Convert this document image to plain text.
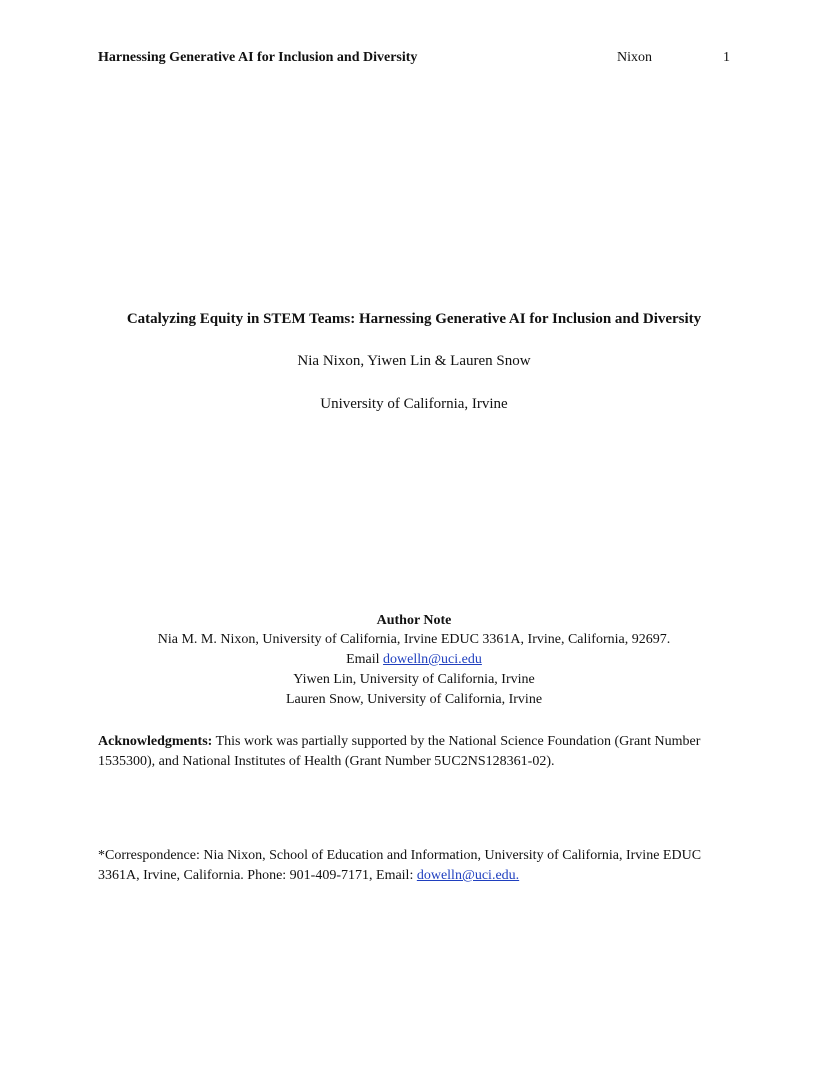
Harnessing Generative AI for Inclusion and Diversity	Nixon	1
Catalyzing Equity in STEM Teams: Harnessing Generative AI for Inclusion and Diversity
Nia Nixon, Yiwen Lin & Lauren Snow
University of California, Irvine
Author Note
Nia M. M. Nixon, University of California, Irvine EDUC 3361A, Irvine, California, 92697.
Email dowelln@uci.edu
Yiwen Lin, University of California, Irvine
Lauren Snow, University of California, Irvine
Acknowledgments: This work was partially supported by the National Science Foundation (Grant Number 1535300), and National Institutes of Health (Grant Number 5UC2NS128361-02).
*Correspondence: Nia Nixon, School of Education and Information, University of California, Irvine EDUC 3361A, Irvine, California. Phone: 901-409-7171, Email: dowelln@uci.edu.
